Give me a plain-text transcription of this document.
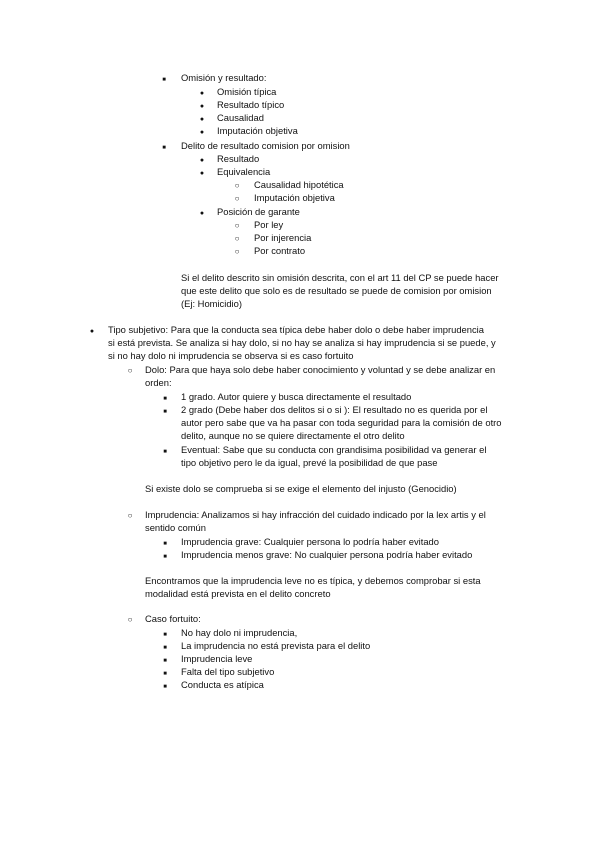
■
Omisión y resultado:
●
Omisión típica
●
Resultado típico
●
Causalidad
●
Imputación objetiva
■
Delito de resultado comision por omision
●
Resultado
●
Equivalencia
○
Causalidad hipotética
○
Imputación objetiva
●
Posición de garante
○
Por ley
○
Por injerencia
○
Por contrato
Si el delito descrito sin omisión descrita, con el art 11 del CP se puede hacer
que este delito que solo es de resultado se puede de comision por omision
(Ej: Homicidio)
●
Tipo subjetivo: Para que la conducta sea típica debe haber dolo o debe haber imprudencia
si está prevista. Se analiza si hay dolo, si no hay se analiza si hay imprudencia si se puede, y
si no hay dolo ni imprudencia se observa si es caso fortuito
○
Dolo: Para que haya solo debe haber conocimiento y voluntad y se debe analizar en
orden:
■
1 grado. Autor quiere y busca directamente el resultado
■
2 grado (Debe haber dos delitos si o si ): El resultado no es querida por el
autor pero sabe que va ha pasar con toda seguridad para la comisión de otro
delito, aunque no se quiere directamente el otro delito
■
Eventual: Sabe que su conducta con grandisima posibilidad va generar el
tipo objetivo pero le da igual, prevé la posibilidad de que pase
Si existe dolo se comprueba si se exige el elemento del injusto (Genocidio)
○
Imprudencia: Analizamos si hay infracción del cuidado indicado por la lex artis y el
sentido común
■
Imprudencia grave: Cualquier persona lo podría haber evitado
■
Imprudencia menos grave: No cualquier persona podría haber evitado
Encontramos que la imprudencia leve no es típica, y debemos comprobar si esta
modalidad está prevista en el delito concreto
○
Caso fortuito:
■
No hay dolo ni imprudencia,
■
La imprudencia no está prevista para el delito
■
Imprudencia leve
■
Falta del tipo subjetivo
■
Conducta es atípica
